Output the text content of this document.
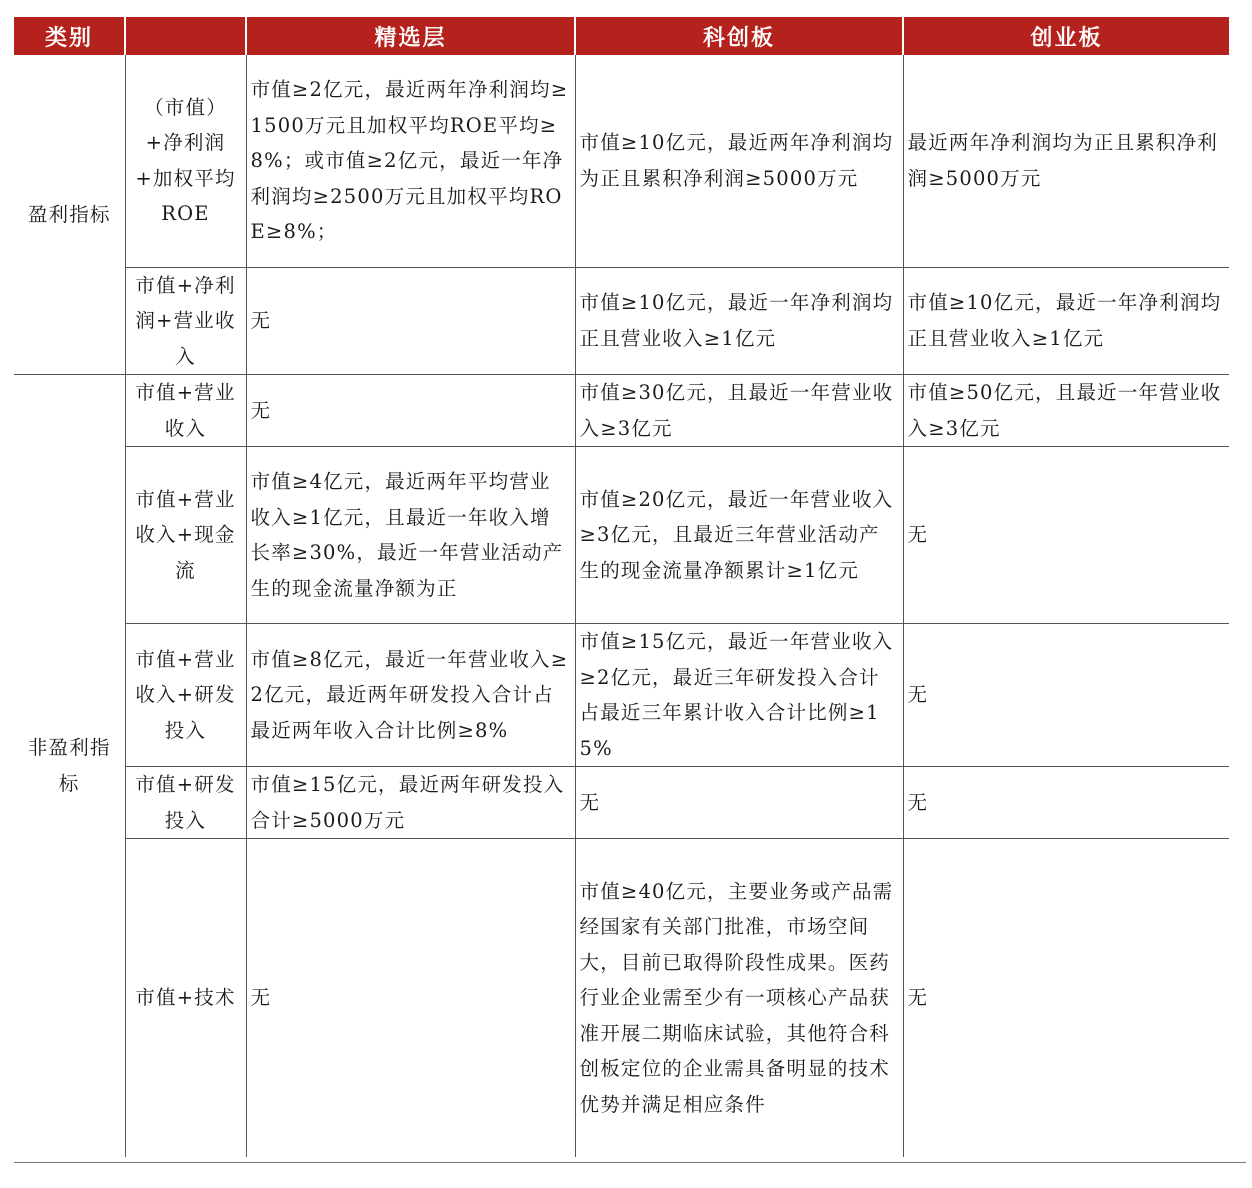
类别		精选层	科创板	创业板
盈利指标	（市值）+净利润+加权平均ROE	市值≥2亿元，最近两年净利润均≥1500万元且加权平均ROE平均≥8%；或市值≥2亿元，最近一年净利润均≥2500万元且加权平均ROE≥8%；	市值≥10亿元，最近两年净利润均为正且累积净利润≥5000万元	最近两年净利润均为正且累积净利润≥5000万元
	市值+净利润+营业收入	无	市值≥10亿元，最近一年净利润均正且营业收入≥1亿元	市值≥10亿元，最近一年净利润均正且营业收入≥1亿元
非盈利指标	市值+营业收入	无	市值≥30亿元，且最近一年营业收入≥3亿元	市值≥50亿元，且最近一年营业收入≥3亿元
	市值+营业收入+现金流	市值≥4亿元，最近两年平均营业收入≥1亿元，且最近一年收入增长率≥30%，最近一年营业活动产生的现金流量净额为正	市值≥20亿元，最近一年营业收入≥3亿元，且最近三年营业活动产生的现金流量净额累计≥1亿元	无
	市值+营业收入+研发投入	市值≥8亿元，最近一年营业收入≥2亿元，最近两年研发投入合计占最近两年收入合计比例≥8%	市值≥15亿元，最近一年营业收入≥2亿元，最近三年研发投入合计占最近三年累计收入合计比例≥15%	无
	市值+研发投入	市值≥15亿元，最近两年研发投入合计≥5000万元	无	无
	市值+技术	无	市值≥40亿元，主要业务或产品需经国家有关部门批准，市场空间大，目前已取得阶段性成果。医药行业企业需至少有一项核心产品获准开展二期临床试验，其他符合科创板定位的企业需具备明显的技术优势并满足相应条件	无
